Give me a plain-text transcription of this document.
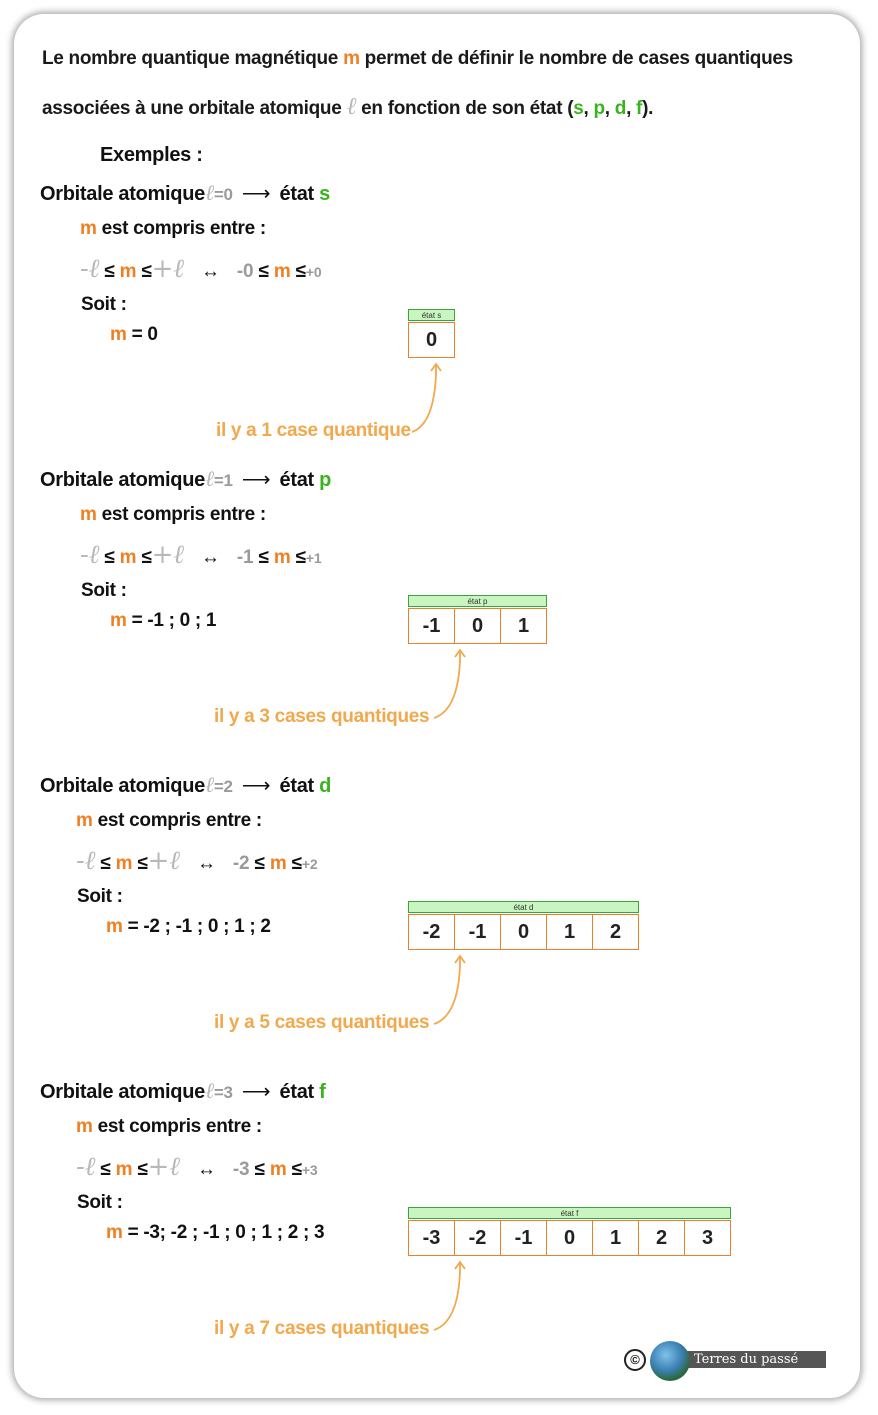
Le nombre quantique magnétique m permet de définir le nombre de cases quantiques
associées à une orbitale atomique ℓ en fonction de son état (s, p, d, f).
Exemples :
Orbitale atomiqueℓ=0 ⟶ état s
m est compris entre :
-ℓ ≤ m ≤+ℓ ↔ -0 ≤ m ≤+0
Soit :
m = 0
état s
0
il y a 1 case quantique
Orbitale atomiqueℓ=1 ⟶ état p
m est compris entre :
-ℓ ≤ m ≤+ℓ ↔ -1 ≤ m ≤+1
Soit :
m = -1 ; 0 ; 1
état p
-1	0	1
il y a 3 cases quantiques
Orbitale atomiqueℓ=2 ⟶ état d
m est compris entre :
-ℓ ≤ m ≤+ℓ ↔ -2 ≤ m ≤+2
Soit :
m = -2 ; -1 ; 0 ; 1 ; 2
état d
-2	-1	0	1	2
il y a 5 cases quantiques
Orbitale atomiqueℓ=3 ⟶ état f
m est compris entre :
-ℓ ≤ m ≤+ℓ ↔ -3 ≤ m ≤+3
Soit :
m = -3; -2 ; -1 ; 0 ; 1 ; 2 ; 3
état f
-3	-2	-1	0	1	2	3
il y a 7 cases quantiques
©	Terres du passé
